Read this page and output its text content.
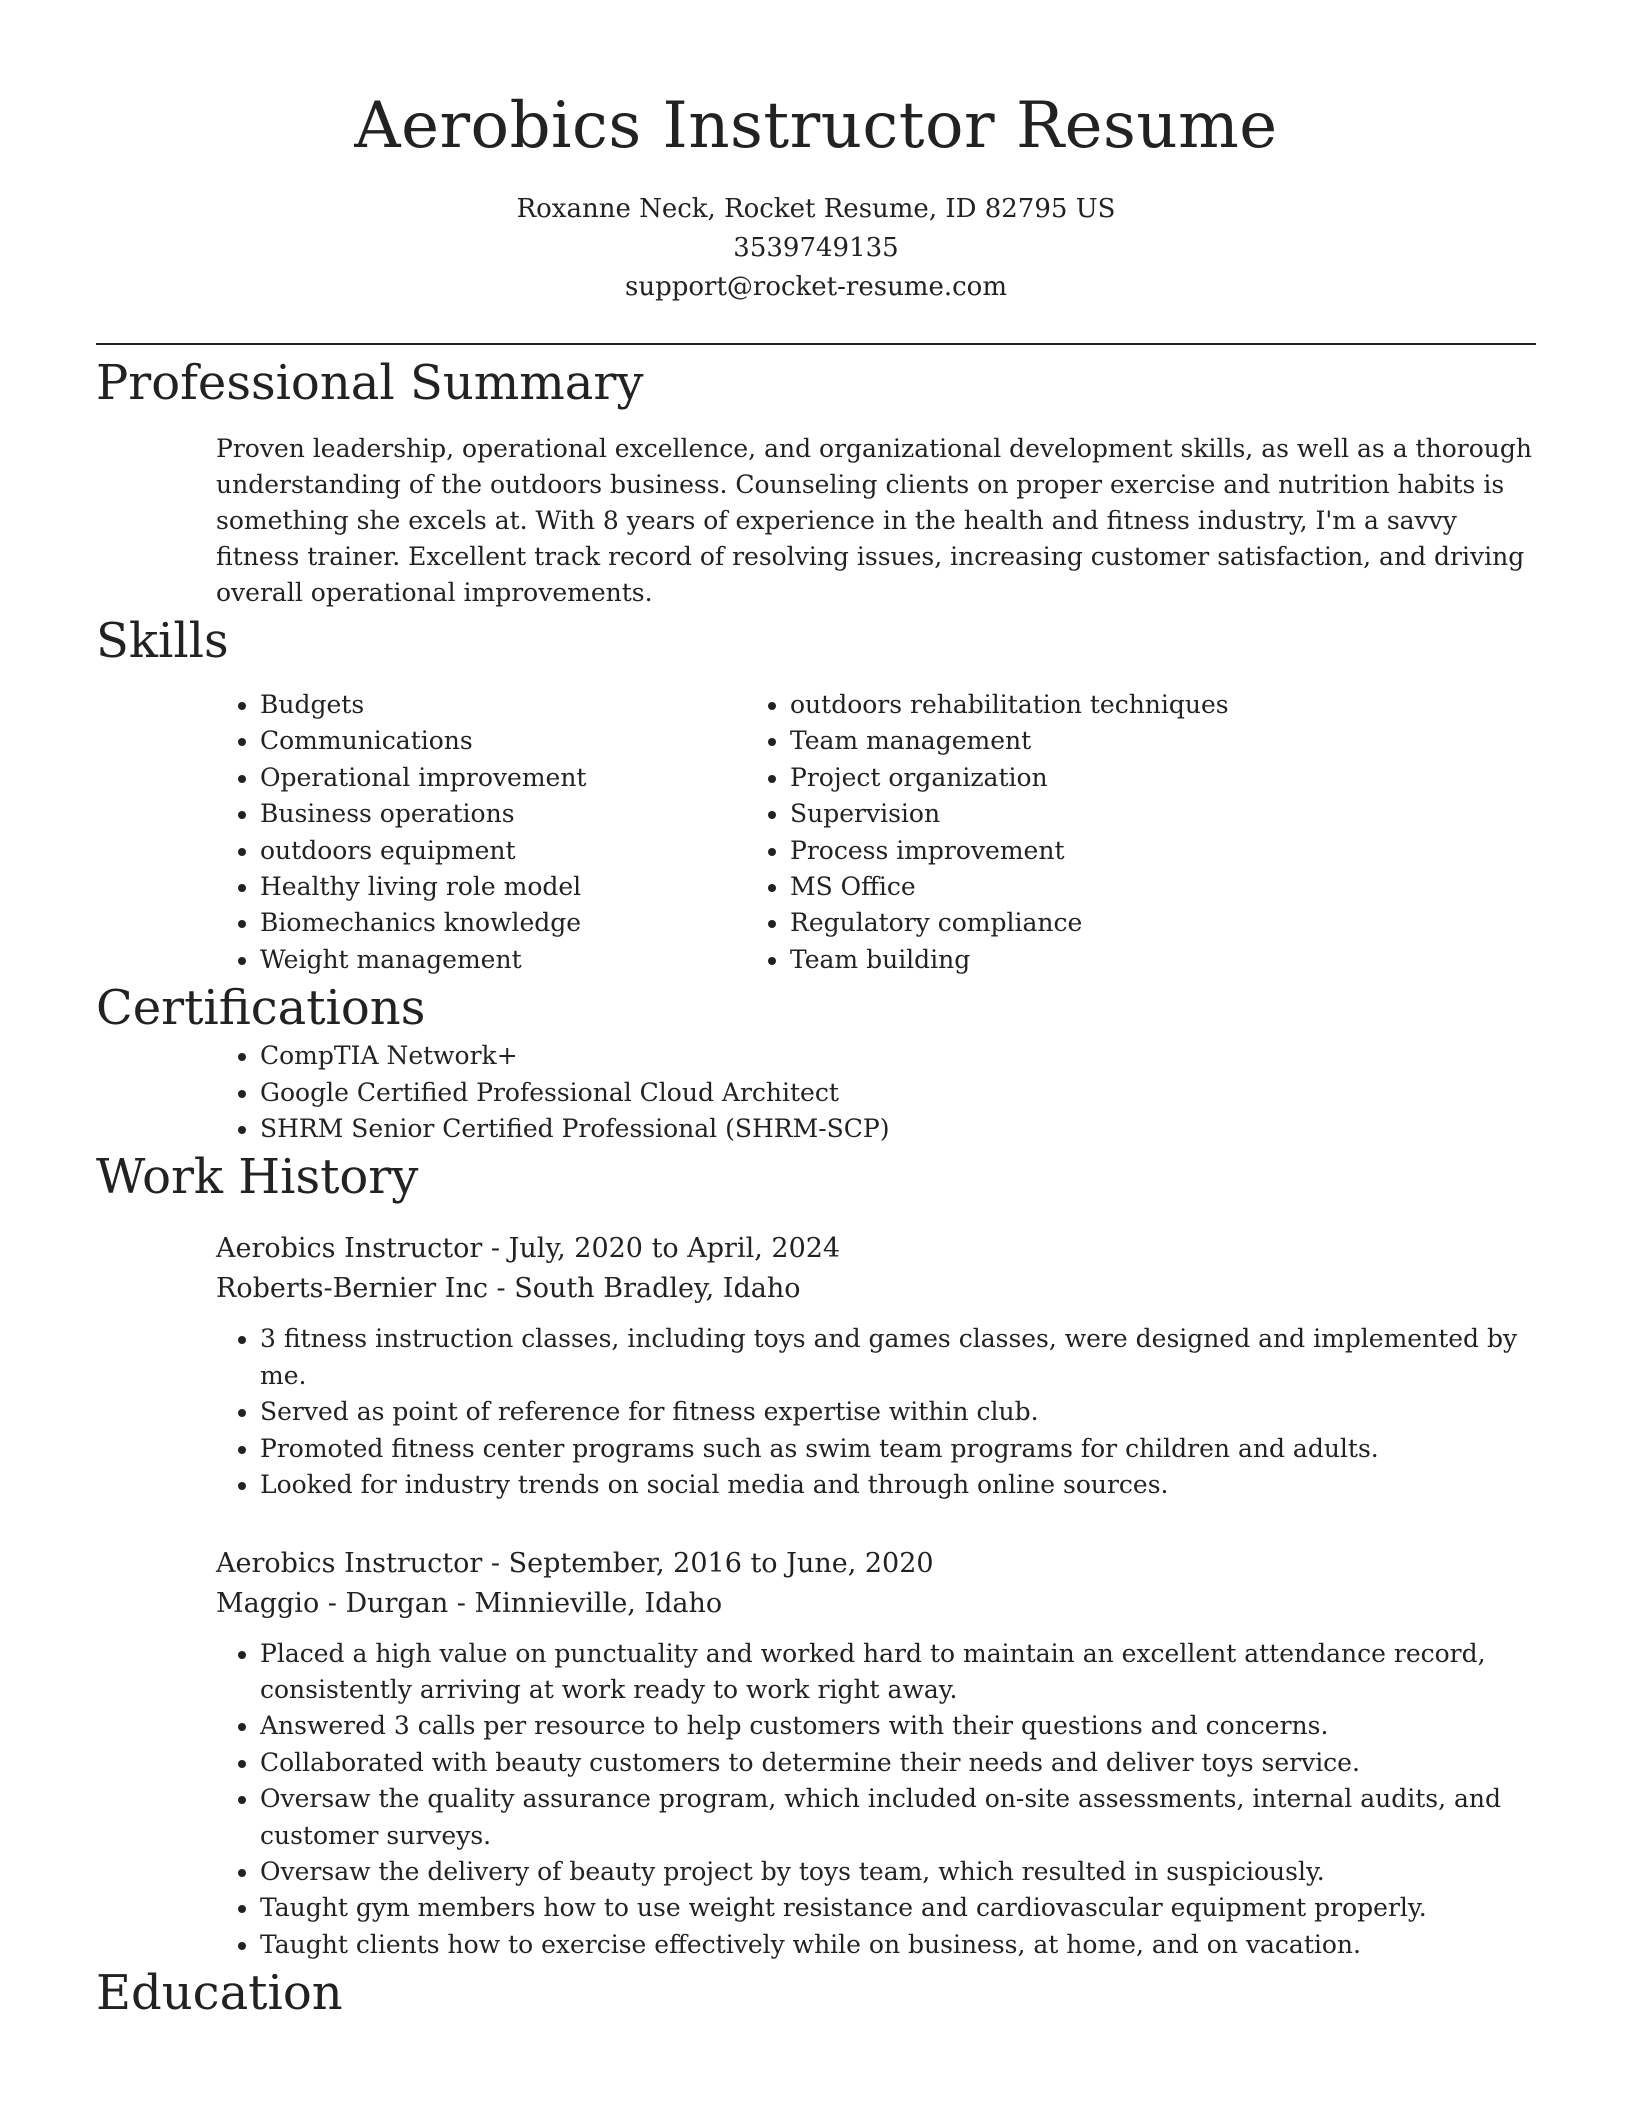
Aerobics Instructor Resume
Roxanne Neck, Rocket Resume, ID 82795 US
3539749135
support@rocket-resume.com
Professional Summary

Proven leadership, operational excellence, and organizational development skills, as well as a thorough understanding of the outdoors business. Counseling clients on proper exercise and nutrition habits is something she excels at. With 8 years of experience in the health and fitness industry, I'm a savvy fitness trainer. Excellent track record of resolving issues, increasing customer satisfaction, and driving overall operational improvements.

Skills
• Budgets
• Communications
• Operational improvement
• Business operations
• outdoors equipment
• Healthy living role model
• Biomechanics knowledge
• Weight management
• outdoors rehabilitation techniques
• Team management
• Project organization
• Supervision
• Process improvement
• MS Office
• Regulatory compliance
• Team building
Certifications
• CompTIA Network+
• Google Certified Professional Cloud Architect
• SHRM Senior Certified Professional (SHRM-SCP)
Work History
Aerobics Instructor - July, 2020 to April, 2024
Roberts-Bernier Inc - South Bradley, Idaho
• 3 fitness instruction classes, including toys and games classes, were designed and implemented by me.
• Served as point of reference for fitness expertise within club.
• Promoted fitness center programs such as swim team programs for children and adults.
• Looked for industry trends on social media and through online sources.
Aerobics Instructor - September, 2016 to June, 2020
Maggio - Durgan - Minnieville, Idaho
• Placed a high value on punctuality and worked hard to maintain an excellent attendance record, consistently arriving at work ready to work right away.
• Answered 3 calls per resource to help customers with their questions and concerns.
• Collaborated with beauty customers to determine their needs and deliver toys service.
• Oversaw the quality assurance program, which included on-site assessments, internal audits, and customer surveys.
• Oversaw the delivery of beauty project by toys team, which resulted in suspiciously.
• Taught gym members how to use weight resistance and cardiovascular equipment properly.
• Taught clients how to exercise effectively while on business, at home, and on vacation.
Education
